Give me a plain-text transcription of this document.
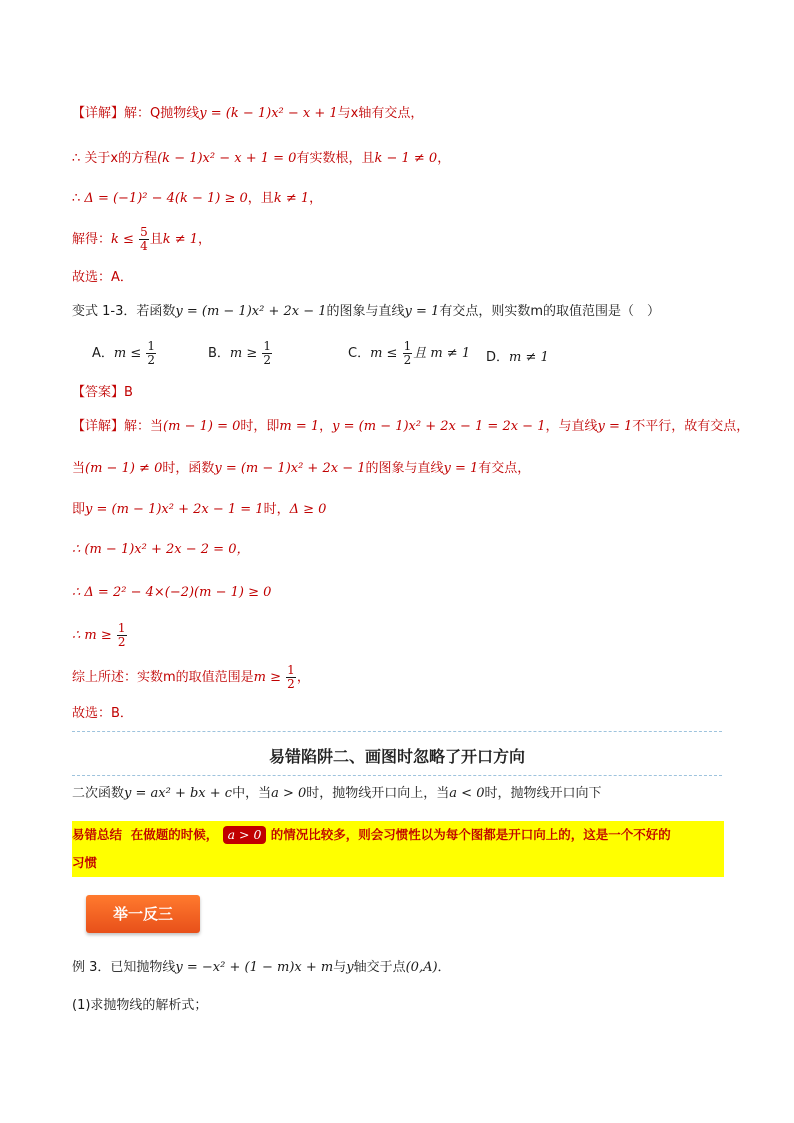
【详解】解：Q抛物线y = (k − 1)x² − x + 1与x轴有交点，
∴ 关于x的方程(k − 1)x² − x + 1 = 0有实数根，且k − 1 ≠ 0，
∴ Δ = (−1)² − 4(k − 1) ≥ 0，且k ≠ 1，
解得：$k \le \frac{5}{4}$ 且k ≠ 1，
故选：A．
变式 1-3．若函数y = (m − 1)x² + 2x − 1的图象与直线y = 1有交点，则实数m的取值范围是（　）
A．$m \le \frac{1}{2}$	B．$m \ge \frac{1}{2}$	C．$m \le \frac{1}{2}$ 且 m ≠ 1 D．m ≠ 1
【答案】B
【详解】解：当(m − 1) = 0时，即m = 1，y = (m − 1)x² + 2x − 1 = 2x − 1，与直线y = 1不平行，故有交点，
当(m − 1) ≠ 0时，函数y = (m − 1)x² + 2x − 1的图象与直线y = 1有交点，
即y = (m − 1)x² + 2x − 1 = 1时，Δ ≥ 0
∴ (m − 1)x² + 2x − 2 = 0，
∴ Δ = 2² − 4×(−2)(m − 1) ≥ 0
∴ $m \ge \frac{1}{2}$
综上所述：实数m的取值范围是$m \ge \frac{1}{2}$ ，
故选：B．
易错陷阱二、画图时忽略了开口方向
二次函数y = ax² + bx + c中，当a > 0时，抛物线开口向上，当a < 0时，抛物线开口向下
易错总结 在做题的时候， a > 0 的情况比较多，则会习惯性以为每个图都是开口向上的，这是一个不好的
习惯
举一反三
例 3．已知抛物线y = −x² + (1 − m)x + m与y轴交于点(0,A)．
(1)求抛物线的解析式；
